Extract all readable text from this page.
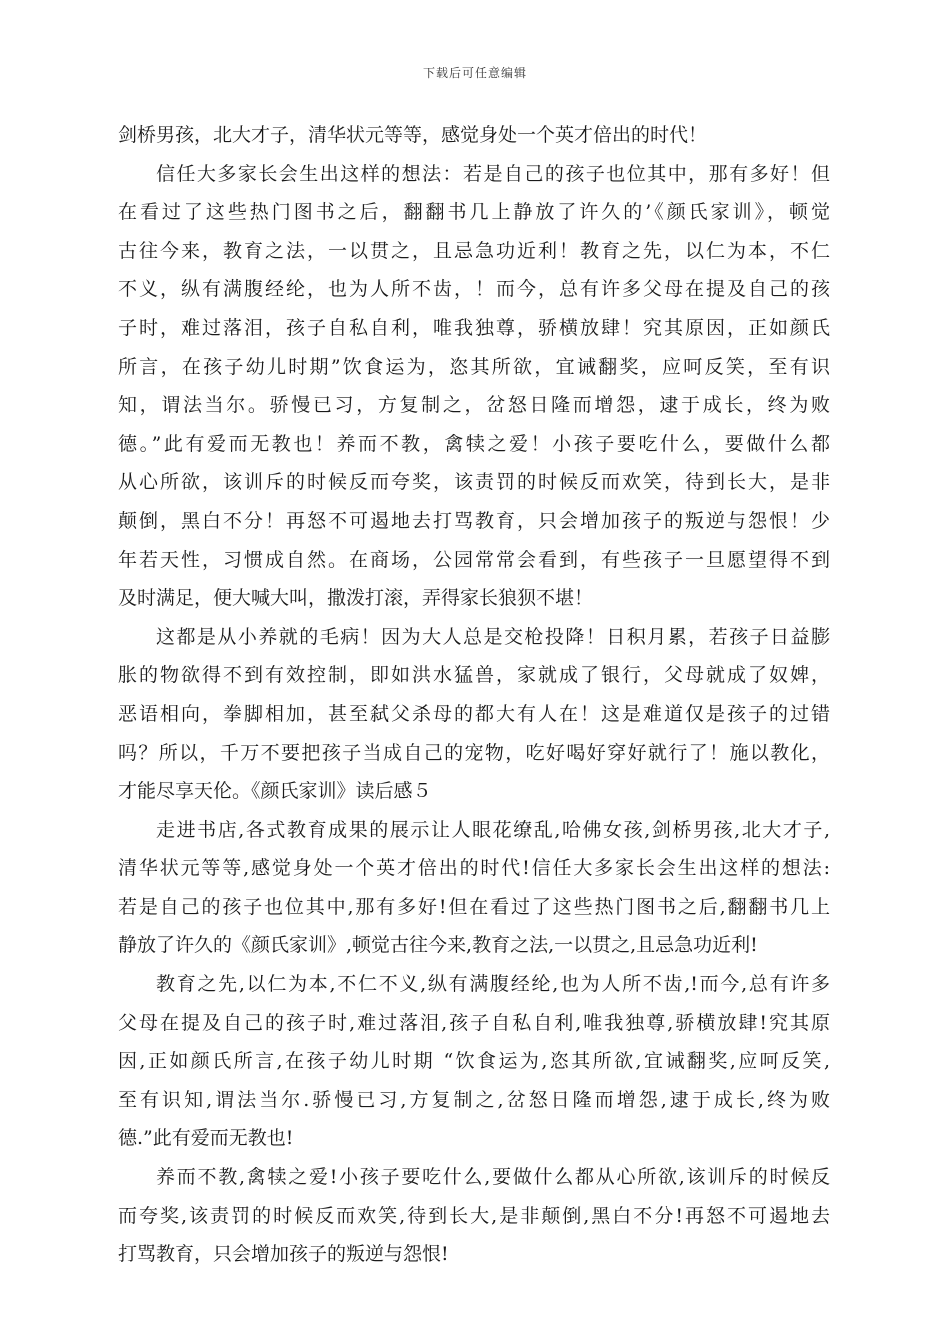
下载后可任意编辑
剑桥男孩，北大才子，清华状元等等，感觉身处一个英才倍出的时代！
信任大多家长会生出这样的想法：若是自己的孩子也位其中，那有多好！但
在看过了这些热门图书之后，翻翻书几上静放了许久的’《颜氏家训》，顿觉
古往今来，教育之法，一以贯之，且忌急功近利！教育之先，以仁为本，不仁
不义，纵有满腹经纶，也为人所不齿，！而今，总有许多父母在提及自己的孩
子时，难过落泪，孩子自私自利，唯我独尊，骄横放肆！究其原因，正如颜氏
所言，在孩子幼儿时期”饮食运为，恣其所欲，宜诫翻奖，应呵反笑，至有识
知，谓法当尔。骄慢已习，方复制之，岔怒日隆而增怨，逮于成长，终为败
德。”此有爱而无教也！养而不教，禽犊之爱！小孩子要吃什么，要做什么都
从心所欲，该训斥的时候反而夸奖，该责罚的时候反而欢笑，待到长大，是非
颠倒，黑白不分！再怒不可遏地去打骂教育，只会增加孩子的叛逆与怨恨！少
年若天性，习惯成自然。在商场，公园常常会看到，有些孩子一旦愿望得不到
及时满足，便大喊大叫，撒泼打滚，弄得家长狼狈不堪！
这都是从小养就的毛病！因为大人总是交枪投降！日积月累，若孩子日益膨
胀的物欲得不到有效控制，即如洪水猛兽，家就成了银行，父母就成了奴婢，
恶语相向，拳脚相加，甚至弑父杀母的都大有人在！这是难道仅是孩子的过错
吗？所以，千万不要把孩子当成自己的宠物，吃好喝好穿好就行了！施以教化，
才能尽享天伦。《颜氏家训》读后感５
走进书店,各式教育成果的展示让人眼花缭乱,哈佛女孩,剑桥男孩,北大才子,
清华状元等等,感觉身处一个英才倍出的时代!信任大多家长会生出这样的想法:
若是自己的孩子也位其中,那有多好!但在看过了这些热门图书之后,翻翻书几上
静放了许久的《颜氏家训》,顿觉古往今来,教育之法,一以贯之,且忌急功近利!
教育之先,以仁为本,不仁不义,纵有满腹经纶,也为人所不齿,!而今,总有许多
父母在提及自己的孩子时,难过落泪,孩子自私自利,唯我独尊,骄横放肆!究其原
因,正如颜氏所言,在孩子幼儿时期 “饮食运为,恣其所欲,宜诫翻奖,应呵反笑,
至有识知,谓法当尔.骄慢已习,方复制之,岔怒日隆而增怨,逮于成长,终为败
德.”此有爱而无教也!
养而不教,禽犊之爱!小孩子要吃什么,要做什么都从心所欲,该训斥的时候反
而夸奖,该责罚的时候反而欢笑,待到长大,是非颠倒,黑白不分!再怒不可遏地去
打骂教育，只会增加孩子的叛逆与怨恨!
